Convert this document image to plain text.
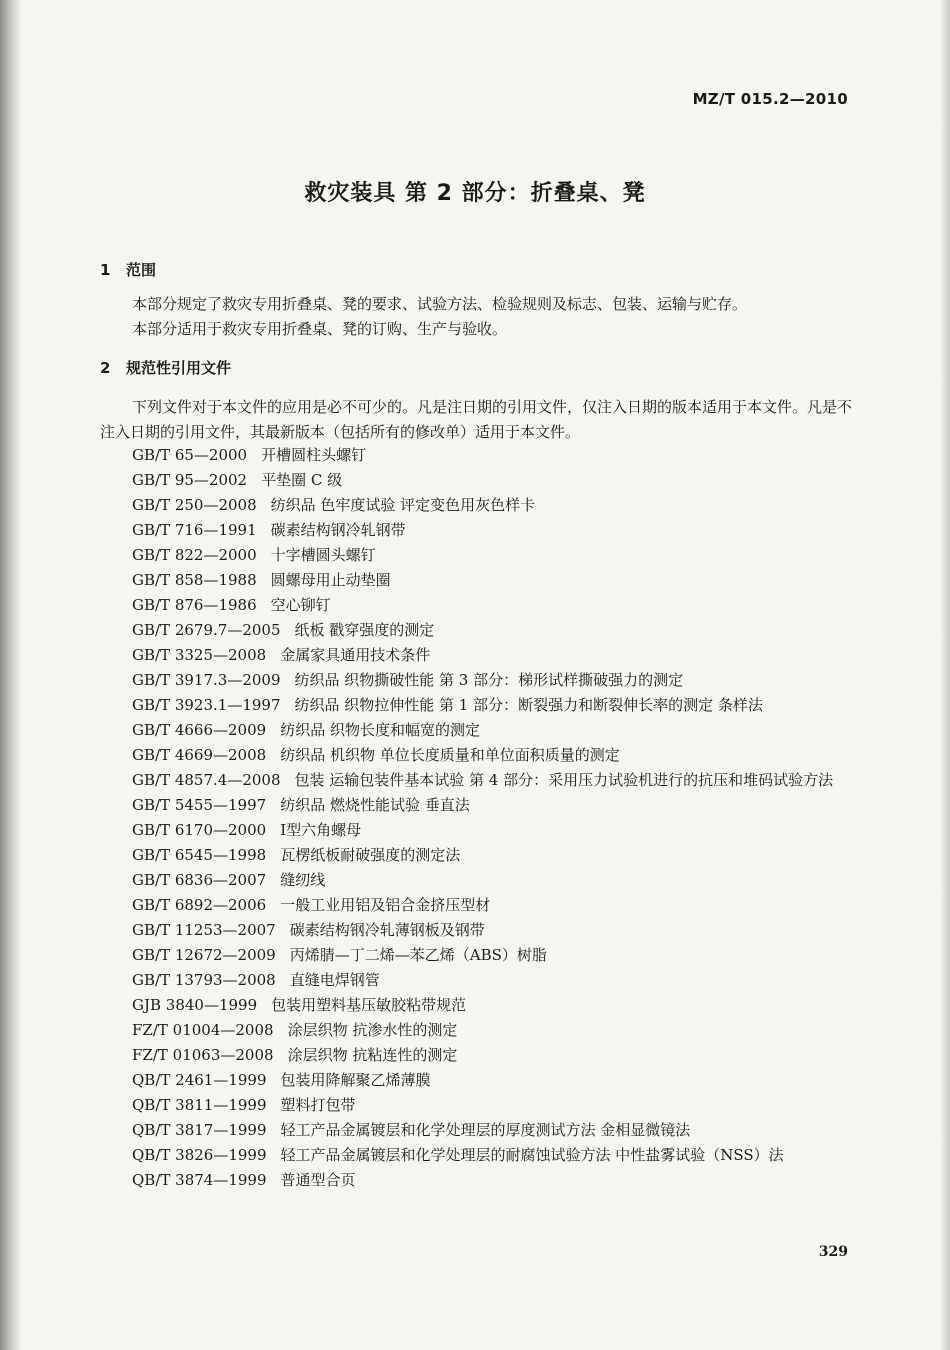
MZ/T 015.2—2010
救灾装具 第 2 部分：折叠桌、凳
1 范围
本部分规定了救灾专用折叠桌、凳的要求、试验方法、检验规则及标志、包装、运输与贮存。
本部分适用于救灾专用折叠桌、凳的订购、生产与验收。
2 规范性引用文件
下列文件对于本文件的应用是必不可少的。凡是注日期的引用文件，仅注入日期的版本适用于本文件。凡是不注入日期的引用文件，其最新版本（包括所有的修改单）适用于本文件。
GB/T 65—2000 开槽圆柱头螺钉
GB/T 95—2002 平垫圈 C 级
GB/T 250—2008 纺织品 色牢度试验 评定变色用灰色样卡
GB/T 716—1991 碳素结构钢冷轧钢带
GB/T 822—2000 十字槽圆头螺钉
GB/T 858—1988 圆螺母用止动垫圈
GB/T 876—1986 空心铆钉
GB/T 2679.7—2005 纸板 戳穿强度的测定
GB/T 3325—2008 金属家具通用技术条件
GB/T 3917.3—2009 纺织品 织物撕破性能 第 3 部分：梯形试样撕破强力的测定
GB/T 3923.1—1997 纺织品 织物拉伸性能 第 1 部分：断裂强力和断裂伸长率的测定 条样法
GB/T 4666—2009 纺织品 织物长度和幅宽的测定
GB/T 4669—2008 纺织品 机织物 单位长度质量和单位面积质量的测定
GB/T 4857.4—2008 包装 运输包装件基本试验 第 4 部分：采用压力试验机进行的抗压和堆码试验方法
GB/T 5455—1997 纺织品 燃烧性能试验 垂直法
GB/T 6170—2000 Ⅰ型六角螺母
GB/T 6545—1998 瓦楞纸板耐破强度的测定法
GB/T 6836—2007 缝纫线
GB/T 6892—2006 一般工业用铝及铝合金挤压型材
GB/T 11253—2007 碳素结构钢冷轧薄钢板及钢带
GB/T 12672—2009 丙烯腈—丁二烯—苯乙烯（ABS）树脂
GB/T 13793—2008 直缝电焊钢管
GJB 3840—1999 包装用塑料基压敏胶粘带规范
FZ/T 01004—2008 涂层织物 抗渗水性的测定
FZ/T 01063—2008 涂层织物 抗粘连性的测定
QB/T 2461—1999 包装用降解聚乙烯薄膜
QB/T 3811—1999 塑料打包带
QB/T 3817—1999 轻工产品金属镀层和化学处理层的厚度测试方法 金相显微镜法
QB/T 3826—1999 轻工产品金属镀层和化学处理层的耐腐蚀试验方法 中性盐雾试验（NSS）法
QB/T 3874—1999 普通型合页
329
